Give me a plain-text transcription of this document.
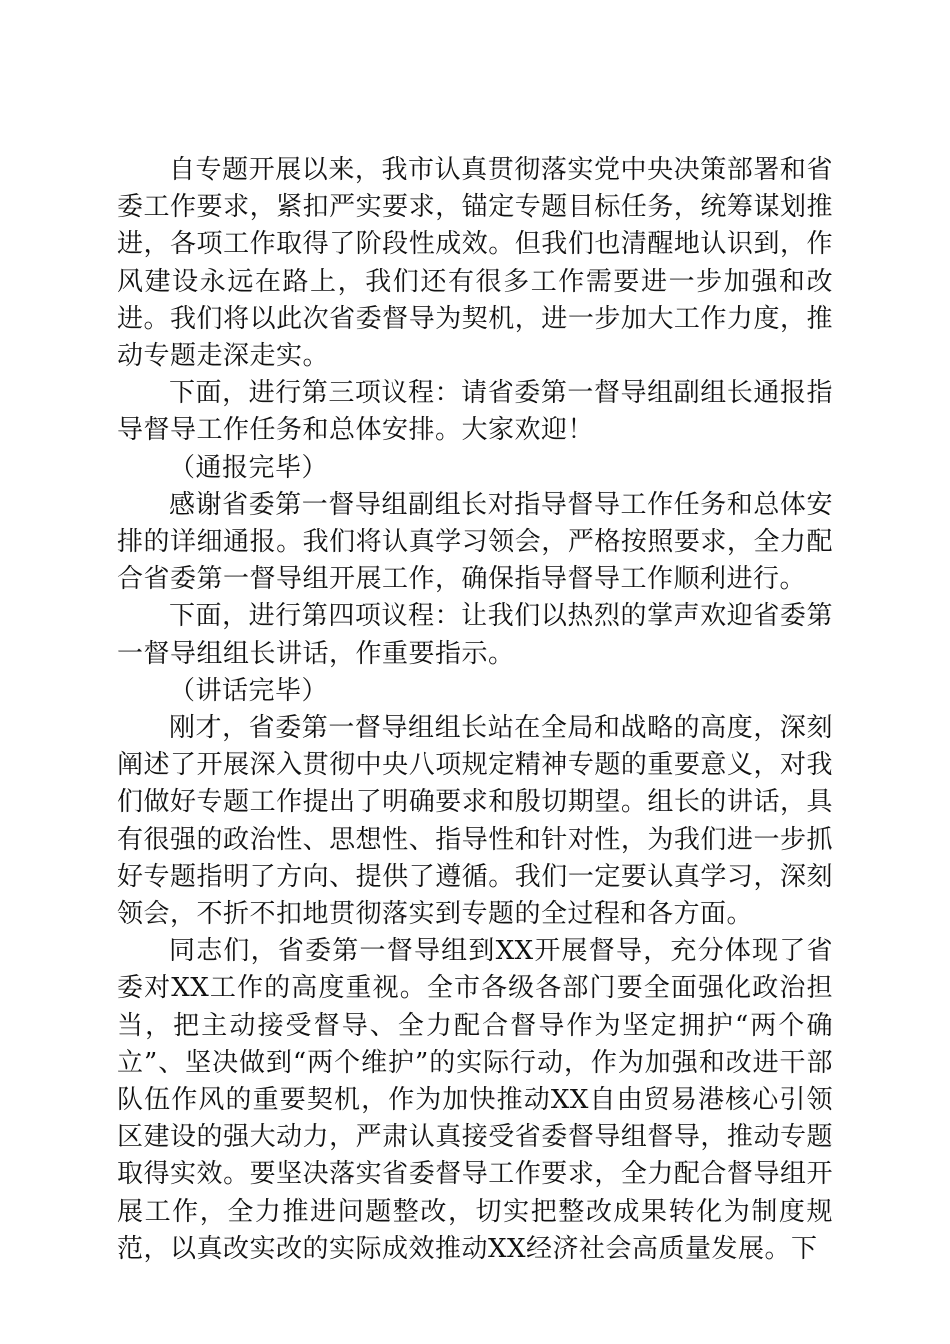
自专题开展以来，我市认真贯彻落实党中央决策部署和省委工作要求，紧扣严实要求，锚定专题目标任务，统筹谋划推进，各项工作取得了阶段性成效。但我们也清醒地认识到，作风建设永远在路上，我们还有很多工作需要进一步加强和改进。我们将以此次省委督导为契机，进一步加大工作力度，推动专题走深走实。

下面，进行第三项议程：请省委第一督导组副组长通报指导督导工作任务和总体安排。大家欢迎！

（通报完毕）

感谢省委第一督导组副组长对指导督导工作任务和总体安排的详细通报。我们将认真学习领会，严格按照要求，全力配合省委第一督导组开展工作，确保指导督导工作顺利进行。

下面，进行第四项议程：让我们以热烈的掌声欢迎省委第一督导组组长讲话，作重要指示。

（讲话完毕）

刚才，省委第一督导组组长站在全局和战略的高度，深刻阐述了开展深入贯彻中央八项规定精神专题的重要意义，对我们做好专题工作提出了明确要求和殷切期望。组长的讲话，具有很强的政治性、思想性、指导性和针对性，为我们进一步抓好专题指明了方向、提供了遵循。我们一定要认真学习，深刻领会，不折不扣地贯彻落实到专题的全过程和各方面。

同志们，省委第一督导组到XX开展督导，充分体现了省委对XX工作的高度重视。全市各级各部门要全面强化政治担当，把主动接受督导、全力配合督导作为坚定拥护“两个确立”、坚决做到“两个维护”的实际行动，作为加强和改进干部队伍作风的重要契机，作为加快推动XX自由贸易港核心引领区建设的强大动力，严肃认真接受省委督导组督导，推动专题取得实效。要坚决落实省委督导工作要求，全力配合督导组开展工作，全力推进问题整改，切实把整改成果转化为制度规范，以真改实改的实际成效推动XX经济社会高质量发展。下
